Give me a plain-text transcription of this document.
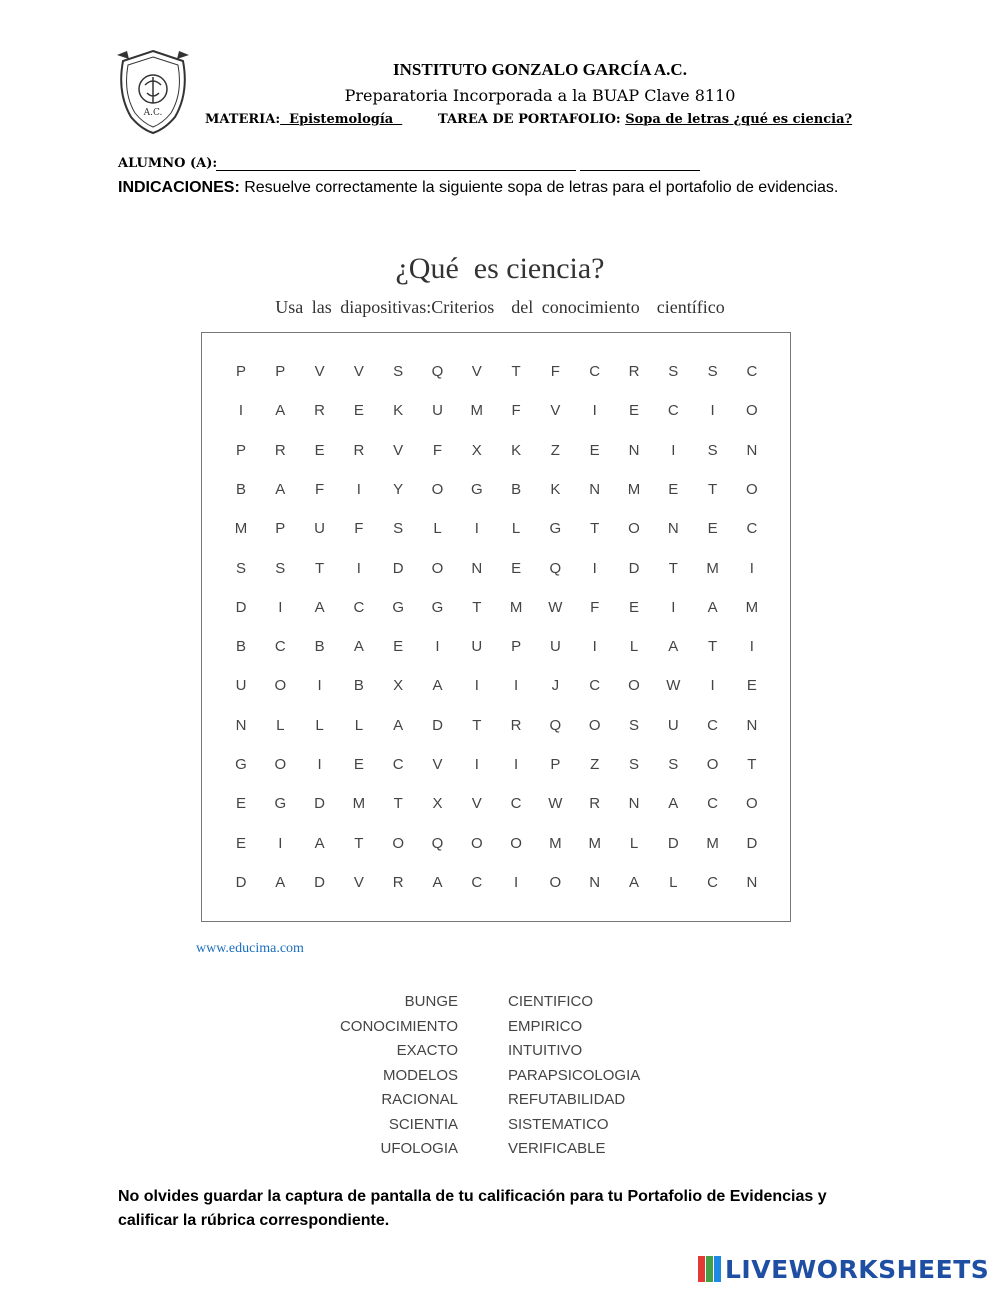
A.C.
INSTITUTO GONZALO GARCÍA A.C.
Preparatoria Incorporada a la BUAP Clave 8110
MATERIA:  Epistemología	TAREA DE PORTAFOLIO: Sopa de letras ¿qué es ciencia?
ALUMNO (A):
INDICACIONES: Resuelve correctamente la siguiente sopa de letras para el portafolio de evidencias.
¿Qué  es ciencia?
Usa las diapositivas:Criterios  del conocimiento  científico
P	P	V	V	S	Q	V	T	F	C	R	S	S	C
I	A	R	E	K	U	M	F	V	I	E	C	I	O
P	R	E	R	V	F	X	K	Z	E	N	I	S	N
B	A	F	I	Y	O	G	B	K	N	M	E	T	O
M	P	U	F	S	L	I	L	G	T	O	N	E	C
S	S	T	I	D	O	N	E	Q	I	D	T	M	I
D	I	A	C	G	G	T	M	W	F	E	I	A	M
B	C	B	A	E	I	U	P	U	I	L	A	T	I
U	O	I	B	X	A	I	I	J	C	O	W	I	E
N	L	L	L	A	D	T	R	Q	O	S	U	C	N
G	O	I	E	C	V	I	I	P	Z	S	S	O	T
E	G	D	M	T	X	V	C	W	R	N	A	C	O
E	I	A	T	O	Q	O	O	M	M	L	D	M	D
D	A	D	V	R	A	C	I	O	N	A	L	C	N
www.educima.com
BUNGE
CONOCIMIENTO
EXACTO
MODELOS
RACIONAL
SCIENTIA
UFOLOGIA
CIENTIFICO
EMPIRICO
INTUITIVO
PARAPSICOLOGIA
REFUTABILIDAD
SISTEMATICO
VERIFICABLE
No olvides guardar la captura de pantalla de tu calificación para tu Portafolio de Evidencias y calificar la rúbrica correspondiente.
LIVEWORKSHEETS
